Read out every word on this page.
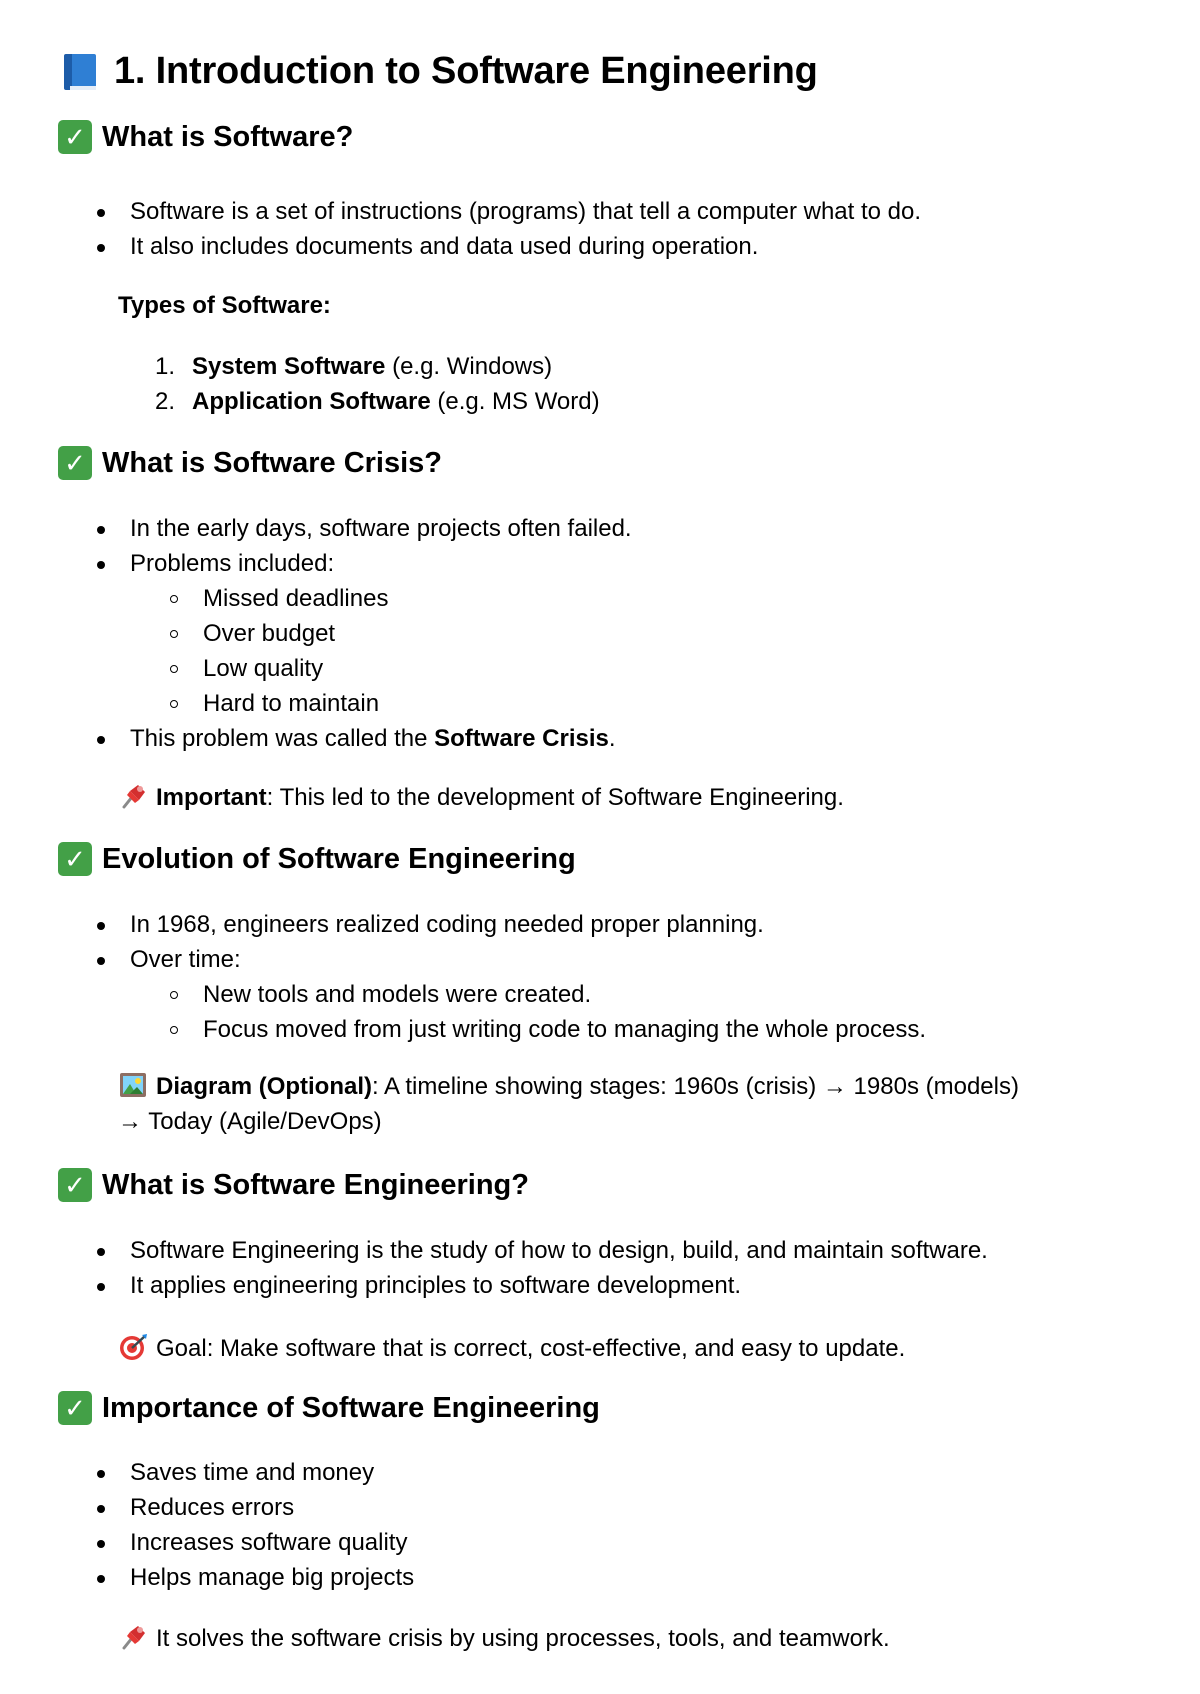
1. Introduction to Software Engineering
✓ What is Software?
Software is a set of instructions (programs) that tell a computer what to do.
It also includes documents and data used during operation.
Types of Software:
1. System Software (e.g. Windows)
2. Application Software (e.g. MS Word)
✓ What is Software Crisis?
In the early days, software projects often failed.
Problems included:
Missed deadlines
Over budget
Low quality
Hard to maintain
This problem was called the Software Crisis.
Important: This led to the development of Software Engineering.
✓ Evolution of Software Engineering
In 1968, engineers realized coding needed proper planning.
Over time:
New tools and models were created.
Focus moved from just writing code to managing the whole process.
Diagram (Optional): A timeline showing stages: 1960s (crisis) → 1980s (models)
→ Today (Agile/DevOps)
✓ What is Software Engineering?
Software Engineering is the study of how to design, build, and maintain software.
It applies engineering principles to software development.
Goal: Make software that is correct, cost-effective, and easy to update.
✓ Importance of Software Engineering
Saves time and money
Reduces errors
Increases software quality
Helps manage big projects
It solves the software crisis by using processes, tools, and teamwork.
